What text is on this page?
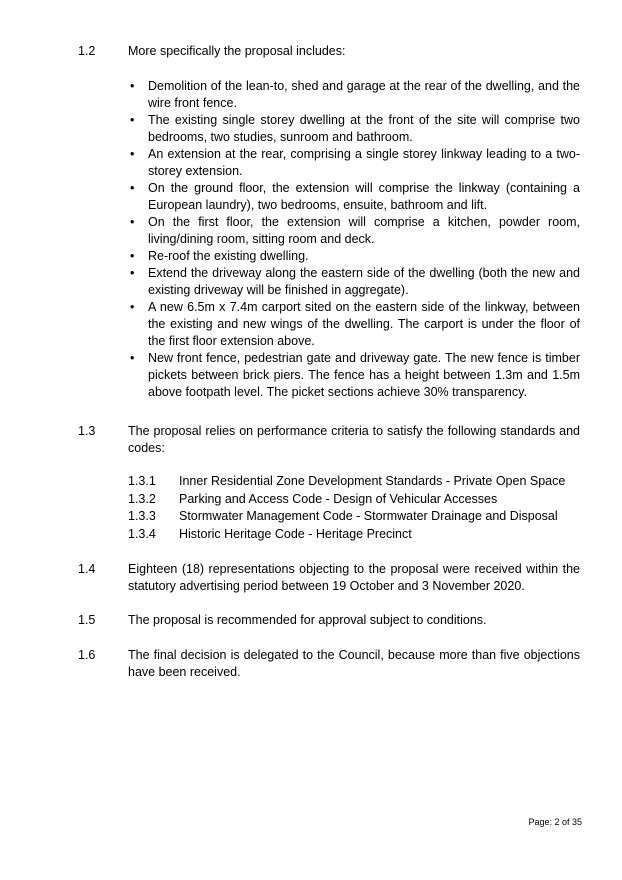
1.2	More specifically the proposal includes:

• Demolition of the lean-to, shed and garage at the rear of the dwelling, and the wire front fence.
• The existing single storey dwelling at the front of the site will comprise two bedrooms, two studies, sunroom and bathroom.
• An extension at the rear, comprising a single storey linkway leading to a two-storey extension.
• On the ground floor, the extension will comprise the linkway (containing a European laundry), two bedrooms, ensuite, bathroom and lift.
• On the first floor, the extension will comprise a kitchen, powder room, living/dining room, sitting room and deck.
• Re-roof the existing dwelling.
• Extend the driveway along the eastern side of the dwelling (both the new and existing driveway will be finished in aggregate).
• A new 6.5m x 7.4m carport sited on the eastern side of the linkway, between the existing and new wings of the dwelling. The carport is under the floor of the first floor extension above.
• New front fence, pedestrian gate and driveway gate. The new fence is timber pickets between brick piers. The fence has a height between 1.3m and 1.5m above footpath level. The picket sections achieve 30% transparency.
1.3	The proposal relies on performance criteria to satisfy the following standards and codes:

1.3.1 Inner Residential Zone Development Standards - Private Open Space
1.3.2 Parking and Access Code - Design of Vehicular Accesses
1.3.3 Stormwater Management Code - Stormwater Drainage and Disposal
1.3.4 Historic Heritage Code - Heritage Precinct
1.4	Eighteen (18) representations objecting to the proposal were received within the statutory advertising period between 19 October and 3 November 2020.

1.5	The proposal is recommended for approval subject to conditions.

1.6	The final decision is delegated to the Council, because more than five objections have been received.

Page: 2 of 35
